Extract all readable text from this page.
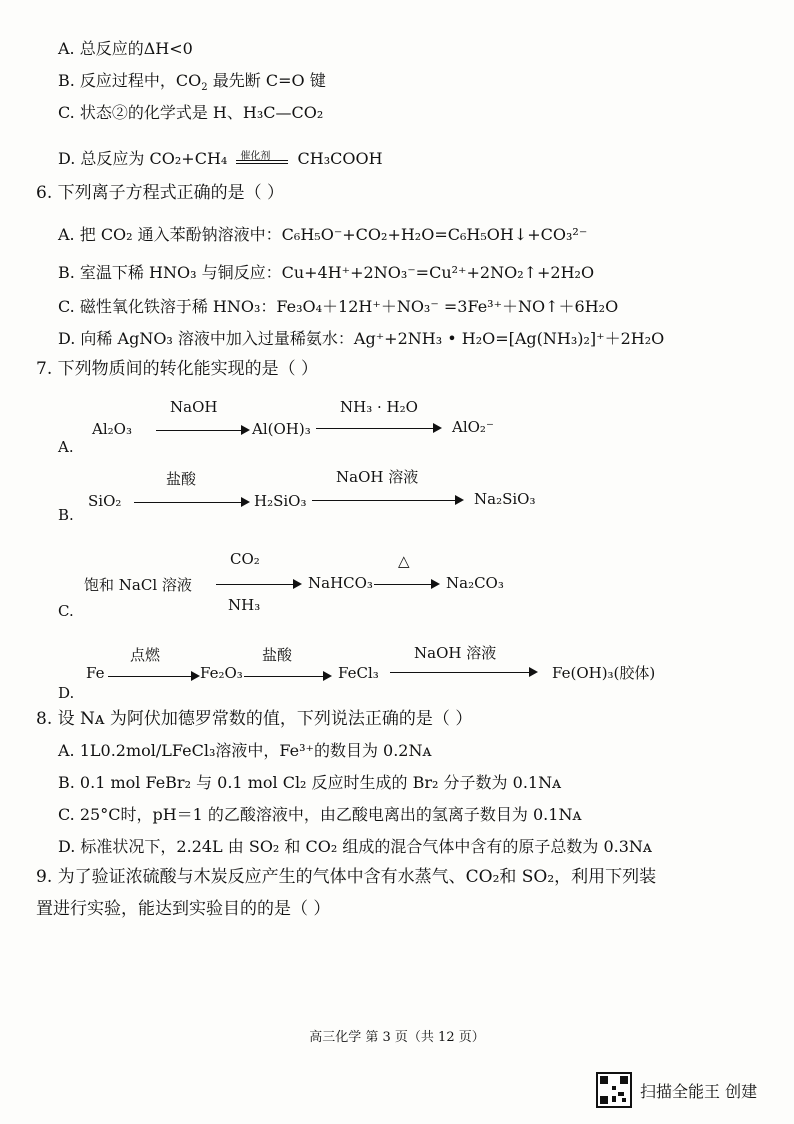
A. 总反应的ΔH<0
B. 反应过程中，$CO_2$ 最先断 C=O 键
C. 状态②的化学式是 H、H₃C—CO₂
D. 总反应为 CO₂+CH₄ 催化剂 CH₃COOH
6. 下列离子方程式正确的是（ ）
A. 把 CO₂ 通入苯酚钠溶液中：C₆H₅O⁻+CO₂+H₂O=C₆H₅OH↓+CO₃²⁻
B. 室温下稀 HNO₃ 与铜反应：Cu+4H⁺+2NO₃⁻=Cu²⁺+2NO₂↑+2H₂O
C. 磁性氧化铁溶于稀 HNO₃：Fe₃O₄＋12H⁺＋NO₃⁻ =3Fe³⁺＋NO↑＋6H₂O
D. 向稀 AgNO₃ 溶液中加入过量稀氨水：Ag⁺+2NH₃ • H₂O=[Ag(NH₃)₂]⁺＋2H₂O
7. 下列物质间的转化能实现的是（ ）
A.
Al₂O₃
NaOH
Al(OH)₃
NH₃ · H₂O
AlO₂⁻
B.
SiO₂
盐酸
H₂SiO₃
NaOH 溶液
Na₂SiO₃
C.
饱和 NaCl 溶液
CO₂
NH₃
NaHCO₃
△
→ Na₂CO₃
D.
Fe
点燃
Fe₂O₃
盐酸
FeCl₃
NaOH 溶液
Fe(OH)₃(胶体)
8. 设 Nᴀ 为阿伏加德罗常数的值，下列说法正确的是（ ）
A. 1L0.2mol/LFeCl₃溶液中，Fe³⁺的数目为 0.2Nᴀ
B. 0.1 mol FeBr₂ 与 0.1 mol Cl₂ 反应时生成的 Br₂ 分子数为 0.1Nᴀ
C. 25°C时，pH＝1 的乙酸溶液中，由乙酸电离出的氢离子数目为 0.1Nᴀ
D. 标准状况下，2.24L 由 SO₂ 和 CO₂ 组成的混合气体中含有的原子总数为 0.3Nᴀ
9. 为了验证浓硫酸与木炭反应产生的气体中含有水蒸气、CO₂和 SO₂，利用下列装
置进行实验，能达到实验目的的是（ ）
高三化学 第 3 页（共 12 页）
扫描全能王 创建
